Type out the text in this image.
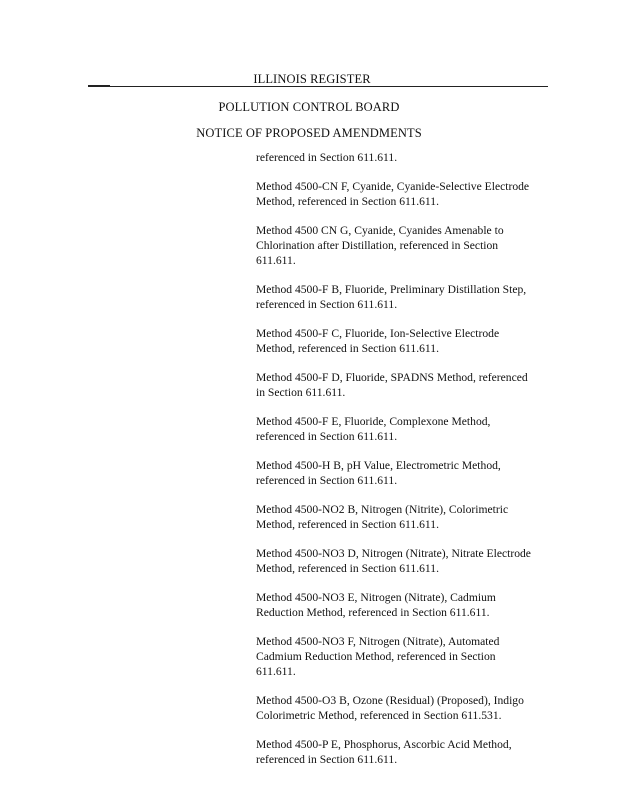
ILLINOIS REGISTER
POLLUTION CONTROL BOARD
NOTICE OF PROPOSED AMENDMENTS

referenced in Section 611.611.

Method 4500-CN F, Cyanide, Cyanide-Selective Electrode
Method, referenced in Section 611.611.

Method 4500 CN G, Cyanide, Cyanides Amenable to
Chlorination after Distillation, referenced in Section
611.611.

Method 4500-F B, Fluoride, Preliminary Distillation Step,
referenced in Section 611.611.

Method 4500-F C, Fluoride, Ion-Selective Electrode
Method, referenced in Section 611.611.

Method 4500-F D, Fluoride, SPADNS Method, referenced
in Section 611.611.

Method 4500-F E, Fluoride, Complexone Method,
referenced in Section 611.611.

Method 4500-H B, pH Value, Electrometric Method,
referenced in Section 611.611.

Method 4500-NO2 B, Nitrogen (Nitrite), Colorimetric
Method, referenced in Section 611.611.

Method 4500-NO3 D, Nitrogen (Nitrate), Nitrate Electrode
Method, referenced in Section 611.611.

Method 4500-NO3 E, Nitrogen (Nitrate), Cadmium
Reduction Method, referenced in Section 611.611.

Method 4500-NO3 F, Nitrogen (Nitrate), Automated
Cadmium Reduction Method, referenced in Section
611.611.

Method 4500-O3 B, Ozone (Residual) (Proposed), Indigo
Colorimetric Method, referenced in Section 611.531.

Method 4500-P E, Phosphorus, Ascorbic Acid Method,
referenced in Section 611.611.
